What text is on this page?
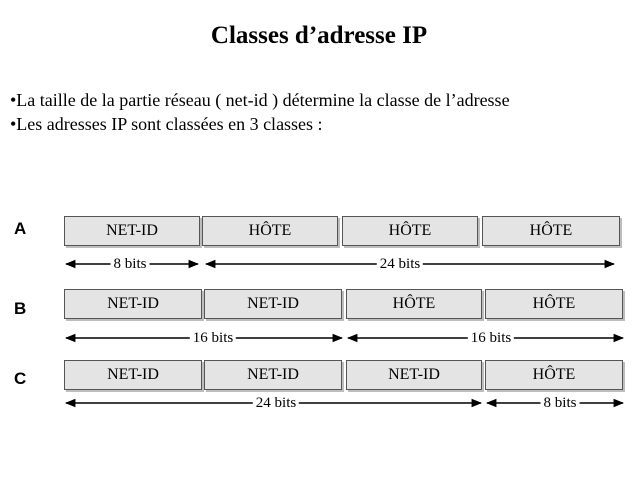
Classes d’adresse IP
•La taille de la partie réseau ( net-id ) détermine la classe de l’adresse
•Les adresses IP sont classées en 3 classes :
A	NET-ID	HÔTE	HÔTE	HÔTE
B	NET-ID	NET-ID	HÔTE	HÔTE
C	NET-ID	NET-ID	NET-ID	HÔTE
8 bits	24 bits
16 bits	16 bits
24 bits	8 bits
